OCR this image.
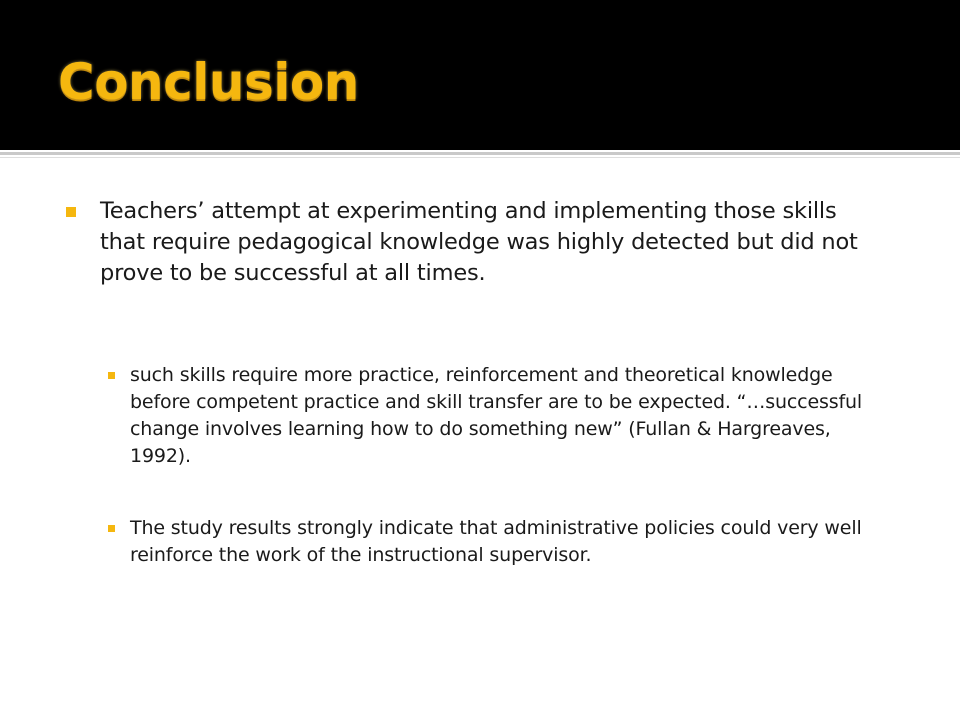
Conclusion
Teachers’ attempt at experimenting and implementing those skills that require pedagogical knowledge was highly detected but did not prove to be successful at all times.
such skills require more practice, reinforcement and theoretical knowledge before competent practice and skill transfer are to be expected. “…successful change involves learning how to do something new” (Fullan & Hargreaves, 1992).
The study results strongly indicate that administrative policies could very well reinforce the work of the instructional supervisor.
